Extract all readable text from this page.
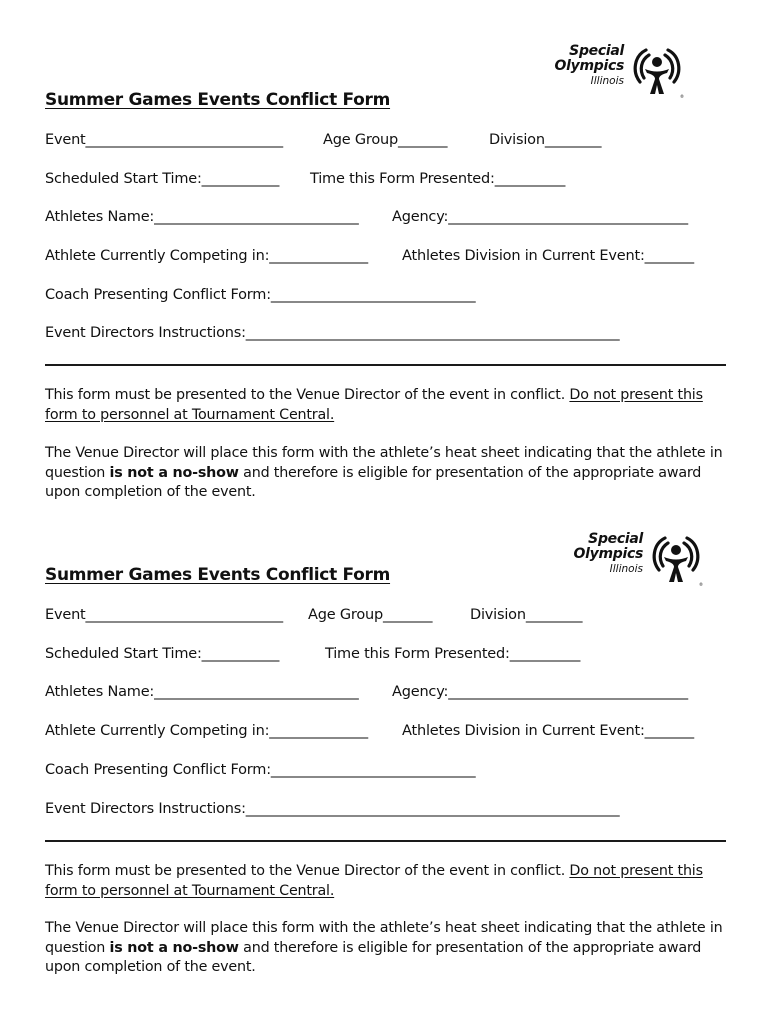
Special
Olympics
Illinois
®
Summer Games Events Conflict Form
Event____________________________	Age Group_______	Division________
Scheduled Start Time:___________ Time this Form Presented:__________
Athletes Name:_____________________________ Agency:__________________________________
Athlete Currently Competing in:______________ Athletes Division in Current Event:_______
Coach Presenting Conflict Form:_____________________________
Event Directors Instructions:_____________________________________________________
This form must be presented to the Venue Director of the event in conflict. Do not present this form to personnel at Tournament Central.
The Venue Director will place this form with the athlete’s heat sheet indicating that the athlete in question is not a no-show and therefore is eligible for presentation of the appropriate award upon completion of the event.
Special
Olympics
Illinois
®
Summer Games Events Conflict Form
Event____________________________ Age Group_______	Division________
Scheduled Start Time:___________	Time this Form Presented:__________
Athletes Name:_____________________________ Agency:__________________________________
Athlete Currently Competing in:______________ Athletes Division in Current Event:_______
Coach Presenting Conflict Form:_____________________________
Event Directors Instructions:_____________________________________________________
This form must be presented to the Venue Director of the event in conflict. Do not present this form to personnel at Tournament Central.
The Venue Director will place this form with the athlete’s heat sheet indicating that the athlete in question is not a no-show and therefore is eligible for presentation of the appropriate award upon completion of the event.
